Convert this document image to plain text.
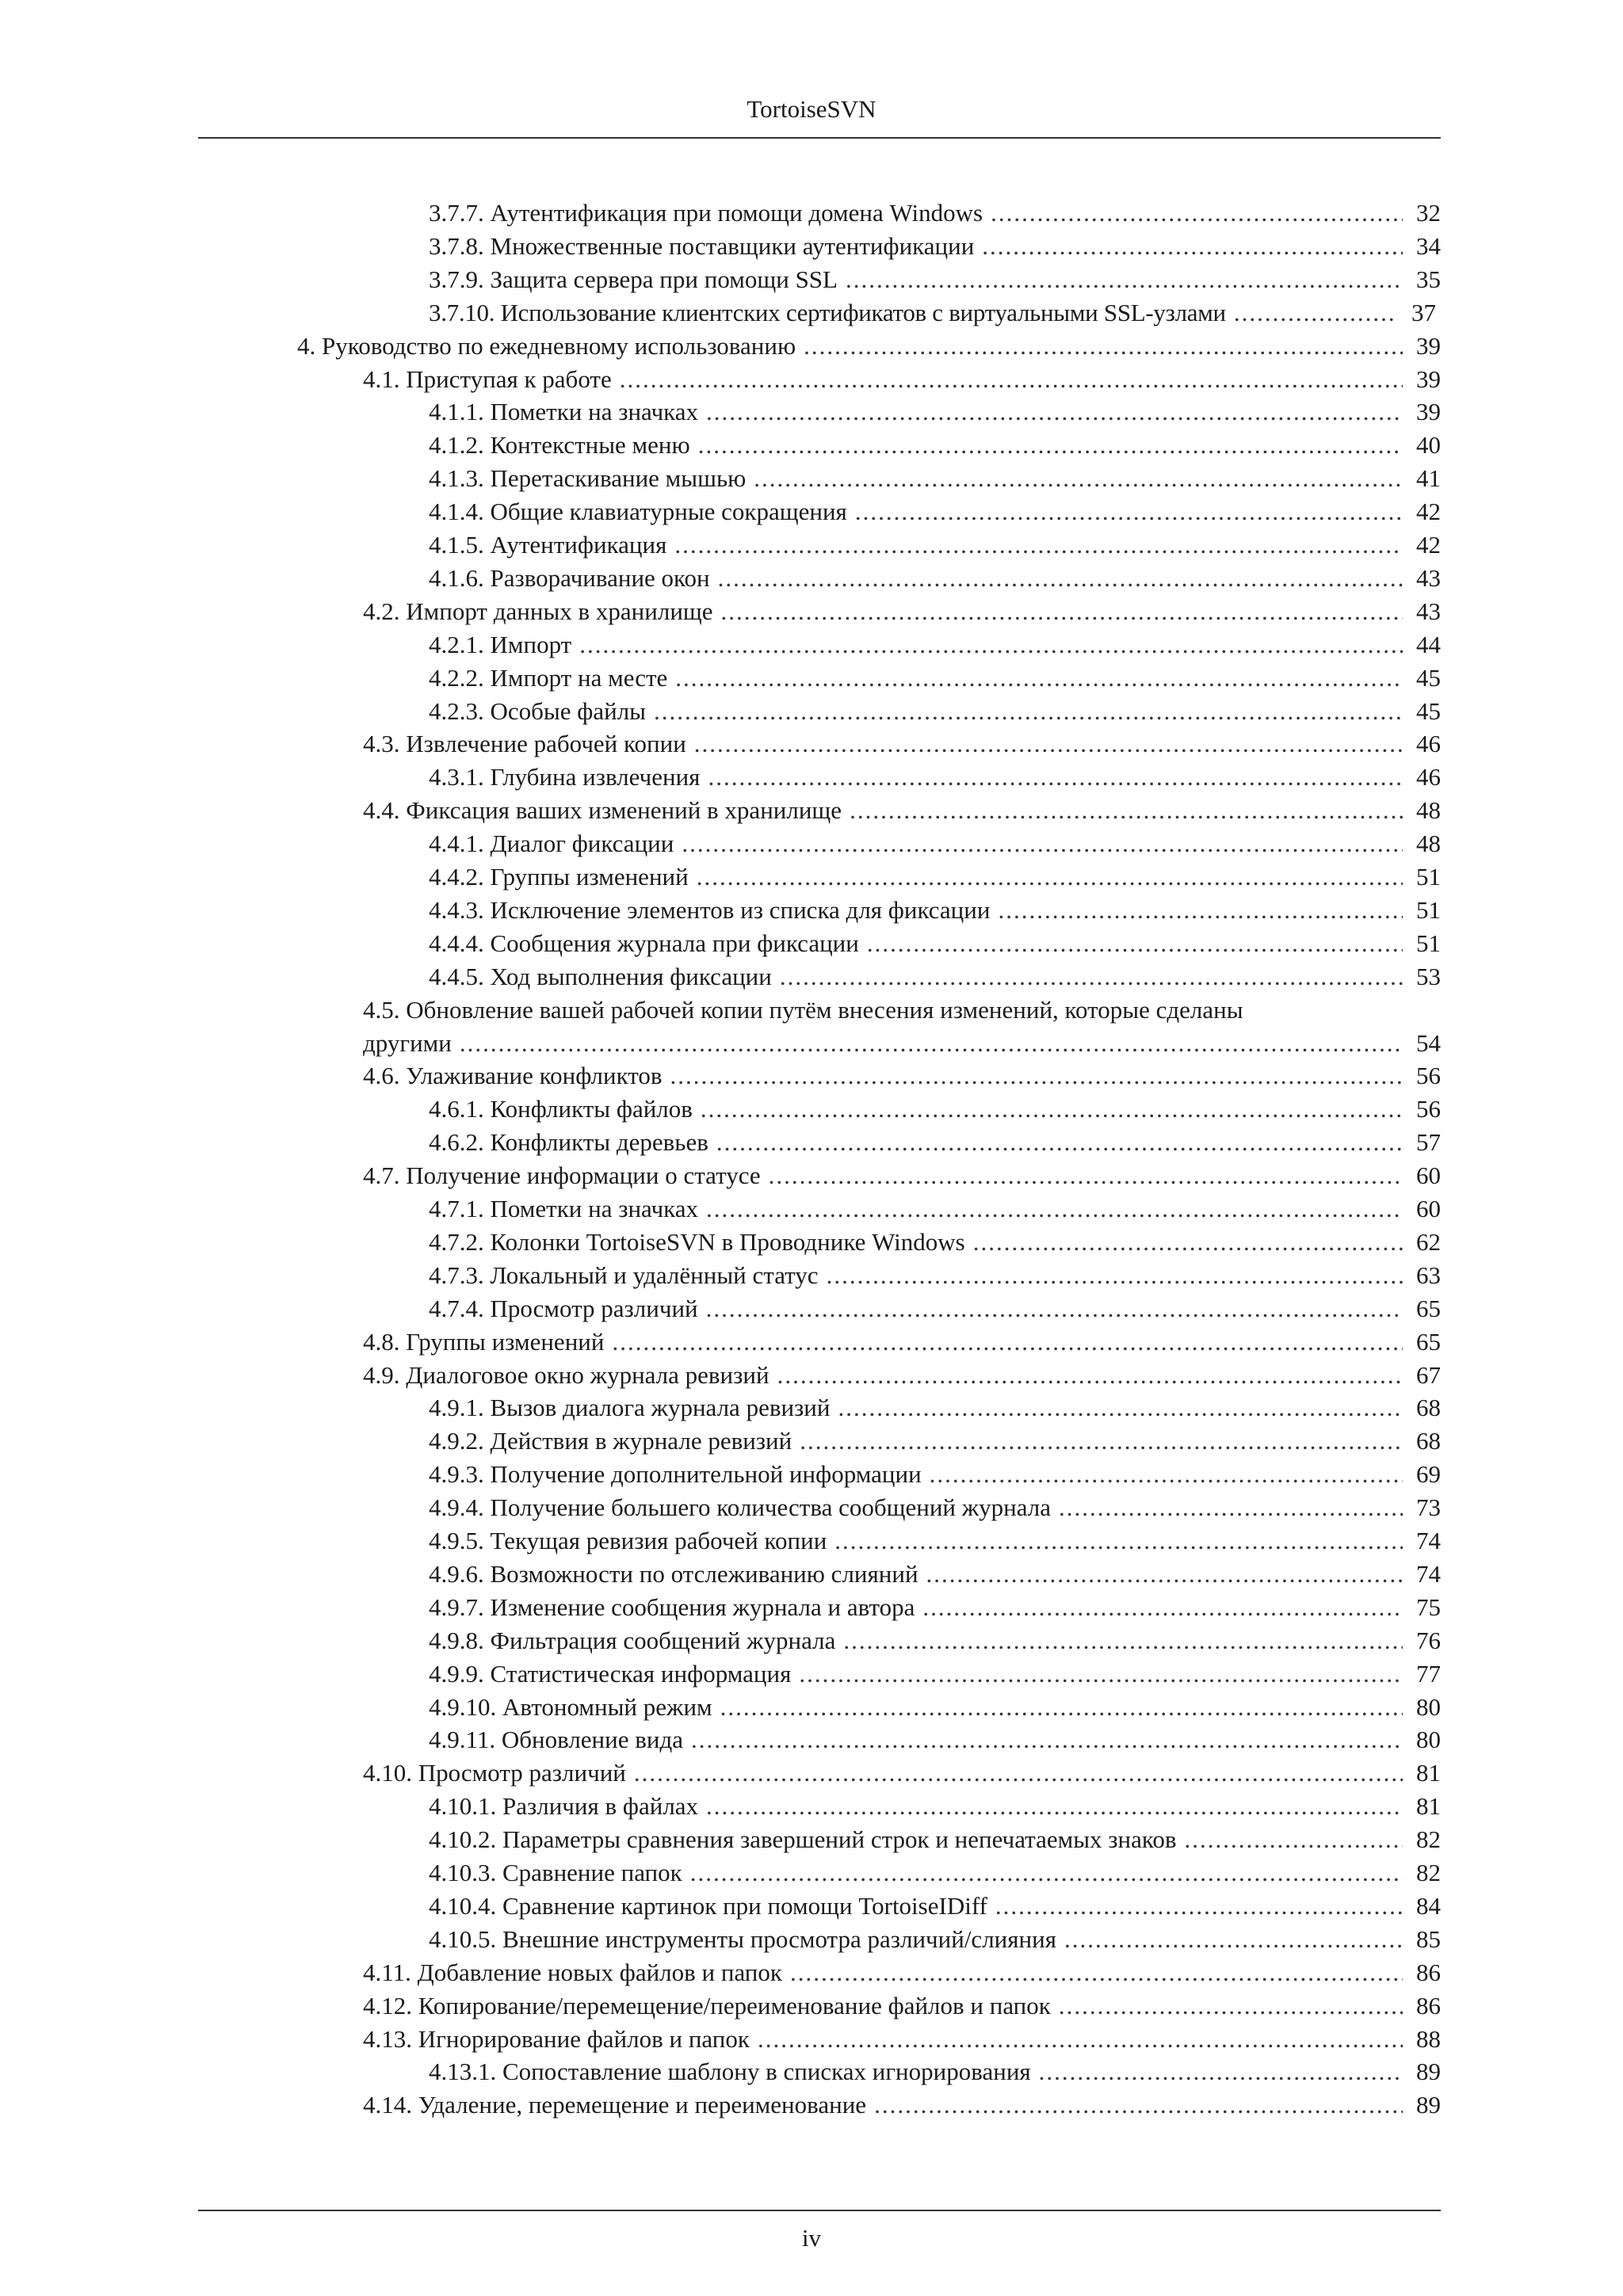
TortoiseSVN
3.7.7. Аутентификация при помощи домена Windows .....	32
3.7.8. Множественные поставщики аутентификации .....	34
3.7.9. Защита сервера при помощи SSL .....	35
3.7.10. Использование клиентских сертификатов с виртуальными SSL-узлами .....	37
4. Руководство по ежедневному использованию .....	39
4.1. Приступая к работе .....	39
4.1.1. Пометки на значках .....	39
4.1.2. Контекстные меню .....	40
4.1.3. Перетаскивание мышью .....	41
4.1.4. Общие клавиатурные сокращения .....	42
4.1.5. Аутентификация .....	42
4.1.6. Разворачивание окон .....	43
4.2. Импорт данных в хранилище .....	43
4.2.1. Импорт .....	44
4.2.2. Импорт на месте .....	45
4.2.3. Особые файлы .....	45
4.3. Извлечение рабочей копии .....	46
4.3.1. Глубина извлечения .....	46
4.4. Фиксация ваших изменений в хранилище .....	48
4.4.1. Диалог фиксации .....	48
4.4.2. Группы изменений .....	51
4.4.3. Исключение элементов из списка для фиксации .....	51
4.4.4. Сообщения журнала при фиксации .....	51
4.4.5. Ход выполнения фиксации .....	53
4.5. Обновление вашей рабочей копии путём внесения изменений, которые сделаны
другими .....	54
4.6. Улаживание конфликтов .....	56
4.6.1. Конфликты файлов .....	56
4.6.2. Конфликты деревьев .....	57
4.7. Получение информации о статусе .....	60
4.7.1. Пометки на значках .....	60
4.7.2. Колонки TortoiseSVN в Проводнике Windows .....	62
4.7.3. Локальный и удалённый статус .....	63
4.7.4. Просмотр различий .....	65
4.8. Группы изменений .....	65
4.9. Диалоговое окно журнала ревизий .....	67
4.9.1. Вызов диалога журнала ревизий .....	68
4.9.2. Действия в журнале ревизий .....	68
4.9.3. Получение дополнительной информации .....	69
4.9.4. Получение большего количества сообщений журнала .....	73
4.9.5. Текущая ревизия рабочей копии .....	74
4.9.6. Возможности по отслеживанию слияний .....	74
4.9.7. Изменение сообщения журнала и автора .....	75
4.9.8. Фильтрация сообщений журнала .....	76
4.9.9. Статистическая информация .....	77
4.9.10. Автономный режим .....	80
4.9.11. Обновление вида .....	80
4.10. Просмотр различий .....	81
4.10.1. Различия в файлах .....	81
4.10.2. Параметры сравнения завершений строк и непечатаемых знаков .....	82
4.10.3. Сравнение папок .....	82
4.10.4. Сравнение картинок при помощи TortoiseIDiff .....	84
4.10.5. Внешние инструменты просмотра различий/слияния .....	85
4.11. Добавление новых файлов и папок .....	86
4.12. Копирование/перемещение/переименование файлов и папок .....	86
4.13. Игнорирование файлов и папок .....	88
4.13.1. Сопоставление шаблону в списках игнорирования .....	89
4.14. Удаление, перемещение и переименование .....	89
iv
